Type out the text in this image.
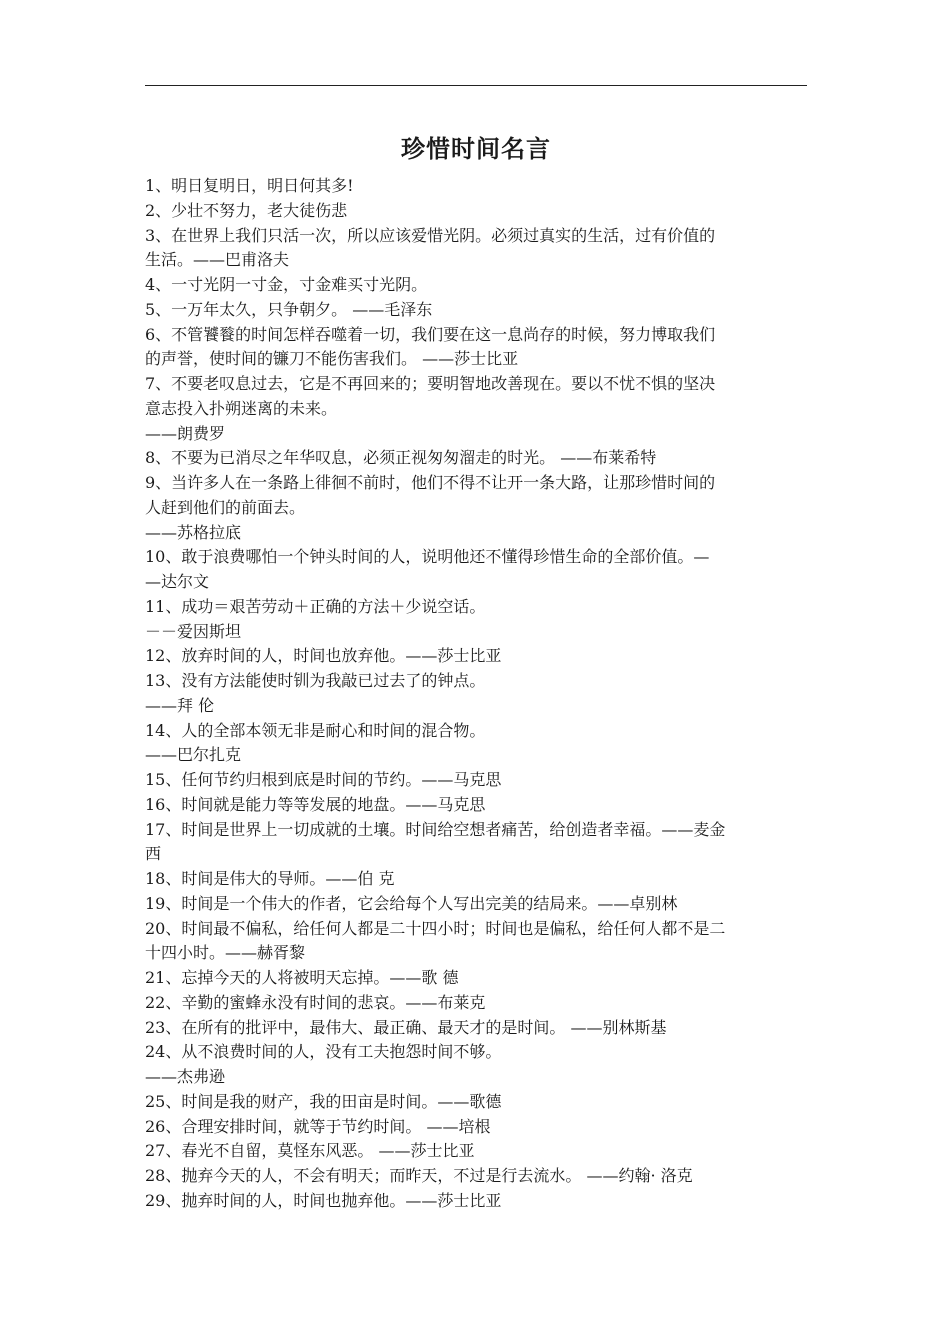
珍惜时间名言
1、明日复明日，明日何其多!
2、少壮不努力，老大徒伤悲
3、在世界上我们只活一次，所以应该爱惜光阴。必须过真实的生活，过有价值的
生活。——巴甫洛夫
4、一寸光阴一寸金，寸金难买寸光阴。
5、一万年太久，只争朝夕。 ——毛泽东
6、不管饕餮的时间怎样吞噬着一切，我们要在这一息尚存的时候，努力博取我们
的声誉，使时间的镰刀不能伤害我们。 ——莎士比亚
7、不要老叹息过去，它是不再回来的；要明智地改善现在。要以不忧不惧的坚决
意志投入扑朔迷离的未来。
——朗费罗
8、不要为已消尽之年华叹息，必须正视匆匆溜走的时光。 ——布莱希特
9、当许多人在一条路上徘徊不前时，他们不得不让开一条大路，让那珍惜时间的
人赶到他们的前面去。
——苏格拉底
10、敢于浪费哪怕一个钟头时间的人，说明他还不懂得珍惜生命的全部价值。—
—达尔文
11、成功＝艰苦劳动＋正确的方法＋少说空话。
－－爱因斯坦
12、放弃时间的人，时间也放弃他。——莎士比亚
13、没有方法能使时钏为我敲已过去了的钟点。
——拜 伦
14、人的全部本领无非是耐心和时间的混合物。
——巴尔扎克
15、任何节约归根到底是时间的节约。——马克思
16、时间就是能力等等发展的地盘。——马克思
17、时间是世界上一切成就的土壤。时间给空想者痛苦，给创造者幸福。——麦金
西
18、时间是伟大的导师。——伯 克
19、时间是一个伟大的作者，它会给每个人写出完美的结局来。——卓别林
20、时间最不偏私，给任何人都是二十四小时；时间也是偏私，给任何人都不是二
十四小时。——赫胥黎
21、忘掉今天的人将被明天忘掉。——歌 德
22、辛勤的蜜蜂永没有时间的悲哀。——布莱克
23、在所有的批评中，最伟大、最正确、最天才的是时间。 ——别林斯基
24、从不浪费时间的人，没有工夫抱怨时间不够。
——杰弗逊
25、时间是我的财产，我的田亩是时间。——歌德
26、合理安排时间，就等于节约时间。 ——培根
27、春光不自留，莫怪东风恶。 ——莎士比亚
28、抛弃今天的人，不会有明天；而昨天，不过是行去流水。 ——约翰· 洛克
29、抛弃时间的人，时间也抛弃他。——莎士比亚
